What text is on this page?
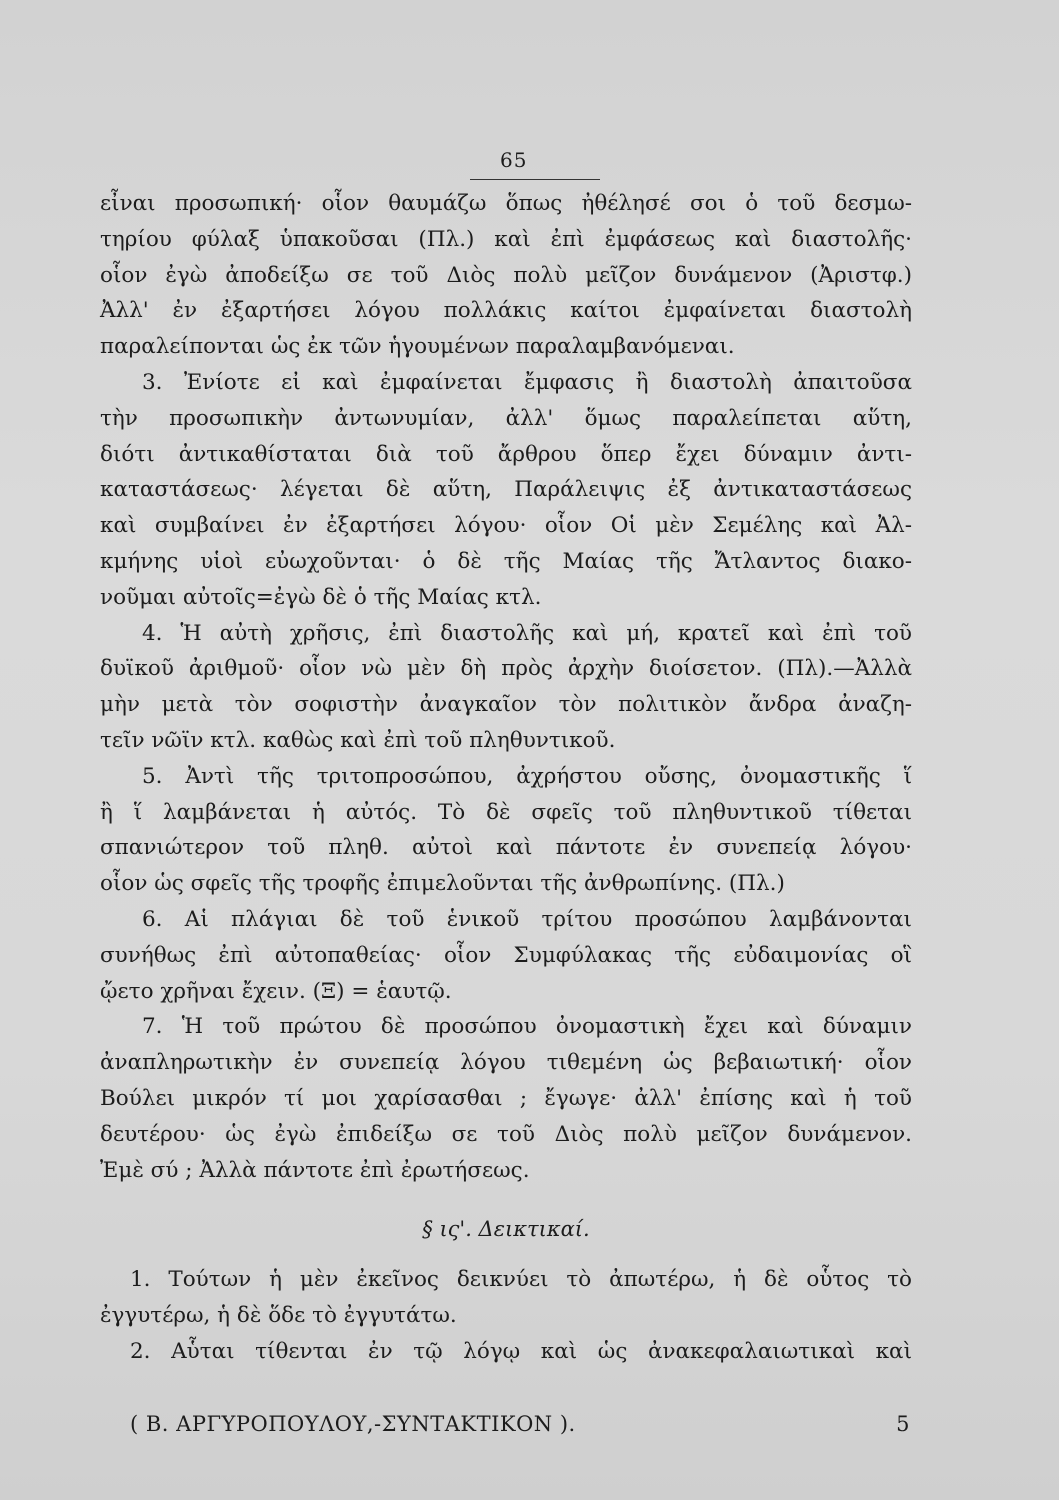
65
εἶναι προσωπική· οἷον θαυμάζω ὅπως ἠθέλησέ σοι ὁ τοῦ δεσμω-
τηρίου φύλαξ ὑπακοῦσαι (Πλ.) καὶ ἐπὶ ἐμφάσεως καὶ διαστολῆς·
οἷον ἐγὼ ἀποδείξω σε τοῦ Διὸς πολὺ μεῖζον δυνάμενον (Ἀριστφ.)
Ἀλλ' ἐν ἐξαρτήσει λόγου πολλάκις καίτοι ἐμφαίνεται διαστολὴ
παραλείπονται ὡς ἐκ τῶν ἡγουμένων παραλαμβανόμεναι.
3. Ἐνίοτε εἰ καὶ ἐμφαίνεται ἔμφασις ἢ διαστολὴ ἀπαιτοῦσα
τὴν προσωπικὴν ἀντωνυμίαν, ἀλλ' ὅμως παραλείπεται αὕτη,
διότι ἀντικαθίσταται διὰ τοῦ ἄρθρου ὅπερ ἔχει δύναμιν ἀντι-
καταστάσεως· λέγεται δὲ αὕτη, Παράλειψις ἐξ ἀντικαταστάσεως
καὶ συμβαίνει ἐν ἐξαρτήσει λόγου· οἷον Οἱ μὲν Σεμέλης καὶ Ἀλ-
κμήνης υἱοὶ εὐωχοῦνται· ὁ δὲ τῆς Μαίας τῆς Ἄτλαντος διακο-
νοῦμαι αὐτοῖς=ἐγὼ δὲ ὁ τῆς Μαίας κτλ.
4. Ἡ αὐτὴ χρῆσις, ἐπὶ διαστολῆς καὶ μή, κρατεῖ καὶ ἐπὶ τοῦ
δυϊκοῦ ἀριθμοῦ· οἷον νὼ μὲν δὴ πρὸς ἀρχὴν διοίσετον. (Πλ).—Ἀλλὰ
μὴν μετὰ τὸν σοφιστὴν ἀναγκαῖον τὸν πολιτικὸν ἄνδρα ἀναζη-
τεῖν νῶϊν κτλ. καθὼς καὶ ἐπὶ τοῦ πληθυντικοῦ.
5. Ἀντὶ τῆς τριτοπροσώπου, ἀχρήστου οὔσης, ὀνομαστικῆς ἵ
ἢ ἵ λαμβάνεται ἡ αὐτός. Τὸ δὲ σφεῖς τοῦ πληθυντικοῦ τίθεται
σπανιώτερον τοῦ πληθ. αὐτοὶ καὶ πάντοτε ἐν συνεπείᾳ λόγου·
οἷον ὡς σφεῖς τῆς τροφῆς ἐπιμελοῦνται τῆς ἀνθρωπίνης. (Πλ.)
6. Αἱ πλάγιαι δὲ τοῦ ἑνικοῦ τρίτου προσώπου λαμβάνονται
συνήθως ἐπὶ αὐτοπαθείας· οἷον Συμφύλακας τῆς εὐδαιμονίας οἳ
ᾤετο χρῆναι ἔχειν. (Ξ) = ἑαυτῷ.
7. Ἡ τοῦ πρώτου δὲ προσώπου ὀνομαστικὴ ἔχει καὶ δύναμιν
ἀναπληρωτικὴν ἐν συνεπείᾳ λόγου τιθεμένη ὡς βεβαιωτική· οἷον
Βούλει μικρόν τί μοι χαρίσασθαι ; ἔγωγε· ἀλλ' ἐπίσης καὶ ἡ τοῦ
δευτέρου· ὡς ἐγὼ ἐπιδείξω σε τοῦ Διὸς πολὺ μεῖζον δυνάμενον.
Ἐμὲ σύ ; Ἀλλὰ πάντοτε ἐπὶ ἐρωτήσεως.
§ ις'. Δεικτικαί.
1. Τούτων ἡ μὲν ἐκεῖνος δεικνύει τὸ ἀπωτέρω, ἡ δὲ οὗτος τὸ
ἐγγυτέρω, ἡ δὲ ὅδε τὸ ἐγγυτάτω.
2. Αὗται τίθενται ἐν τῷ λόγῳ καὶ ὡς ἀνακεφαλαιωτικαὶ καὶ
( Β. ΑΡΓΥΡΟΠΟΥΛΟΥ,-ΣΥΝΤΑΚΤΙΚΟΝ ).	5
